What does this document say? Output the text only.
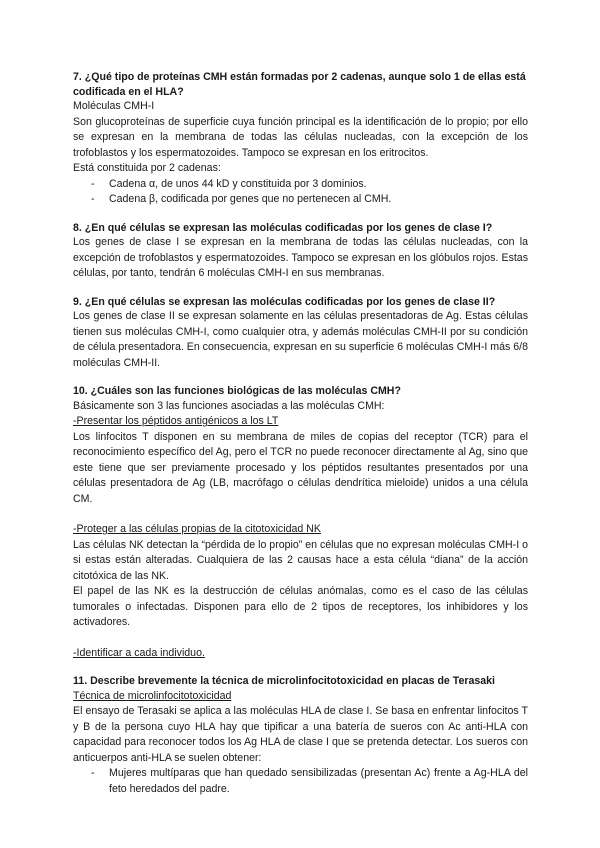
7. ¿Qué tipo de proteínas CMH están formadas por 2 cadenas, aunque solo 1 de ellas está codificada en el HLA?

Moléculas CMH-I

Son glucoproteínas de superficie cuya función principal es la identificación de lo propio; por ello se expresan en la membrana de todas las células nucleadas, con la excepción de los trofoblastos y los espermatozoides. Tampoco se expresan en los eritrocitos.

Está constituida por 2 cadenas:

- Cadena α, de unos 44 kD y constituida por 3 dominios.
- Cadena β, codificada por genes que no pertenecen al CMH.
8. ¿En qué células se expresan las moléculas codificadas por los genes de clase I?

Los genes de clase I se expresan en la membrana de todas las células nucleadas, con la excepción de trofoblastos y espermatozoides. Tampoco se expresan en los glóbulos rojos. Estas células, por tanto, tendrán 6 moléculas CMH-I en sus membranas.

9. ¿En qué células se expresan las moléculas codificadas por los genes de clase II?

Los genes de clase II se expresan solamente en las células presentadoras de Ag. Estas células tienen sus moléculas CMH-I, como cualquier otra, y además moléculas CMH-II por su condición de célula presentadora. En consecuencia, expresan en su superficie 6 moléculas CMH-I más 6/8 moléculas CMH-II.

10. ¿Cuáles son las funciones biológicas de las moléculas CMH?

Básicamente son 3 las funciones asociadas a las moléculas CMH:

-Presentar los péptidos antigénicos a los LT

Los linfocitos T disponen en su membrana de miles de copias del receptor (TCR) para el reconocimiento específico del Ag, pero el TCR no puede reconocer directamente al Ag, sino que este tiene que ser previamente procesado y los péptidos resultantes presentados por una células presentadora de Ag (LB, macrófago o células dendrítica mieloide) unidos a una célula CM.

-Proteger a las células propias de la citotoxicidad NK

Las células NK detectan la “pérdida de lo propio” en células que no expresan moléculas CMH-I o si estas están alteradas. Cualquiera de las 2 causas hace a esta célula “diana” de la acción citotóxica de las NK.

El papel de las NK es la destrucción de células anómalas, como es el caso de las células tumorales o infectadas. Disponen para ello de 2 tipos de receptores, los inhibidores y los activadores.

-Identificar a cada individuo.

11. Describe brevemente la técnica de microlinfocitotoxicidad en placas de Terasaki

Técnica de microlinfocitotoxicidad

El ensayo de Terasaki se aplica a las moléculas HLA de clase I. Se basa en enfrentar linfocitos T y B de la persona cuyo HLA hay que tipificar a una batería de sueros con Ac anti-HLA con capacidad para reconocer todos los Ag HLA de clase I que se pretenda detectar. Los sueros con anticuerpos anti-HLA se suelen obtener:

- Mujeres multíparas que han quedado sensibilizadas (presentan Ac) frente a Ag-HLA del feto heredados del padre.
